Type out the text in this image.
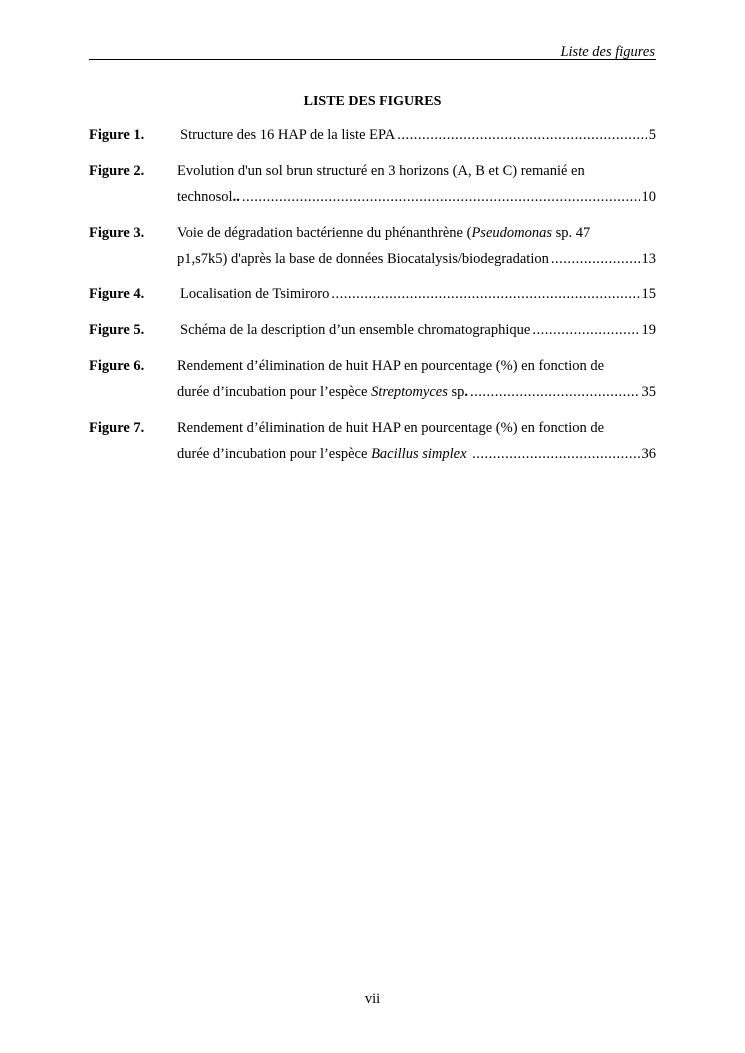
Liste des figures
LISTE DES FIGURES
Figure 1. Structure des 16 HAP de la liste EPA .....	5
Figure 2. Evolution d'un sol brun structuré en 3 horizons (A, B et C) remanié en
technosol.. .....	10
Figure 3. Voie de dégradation bactérienne du phénanthrène (Pseudomonas sp. 47
p1,s7k5) d'après la base de données Biocatalysis/biodegradation .....	13
Figure 4. Localisation de Tsimiroro .....	15
Figure 5. Schéma de la description d’un ensemble chromatographique .....	19
Figure 6. Rendement d’élimination de huit HAP en pourcentage (%) en fonction de
durée d’incubation pour l’espèce Streptomyces sp. .....	35
Figure 7. Rendement d’élimination de huit HAP en pourcentage (%) en fonction de
durée d’incubation pour l’espèce Bacillus simplex .....	36
vii
